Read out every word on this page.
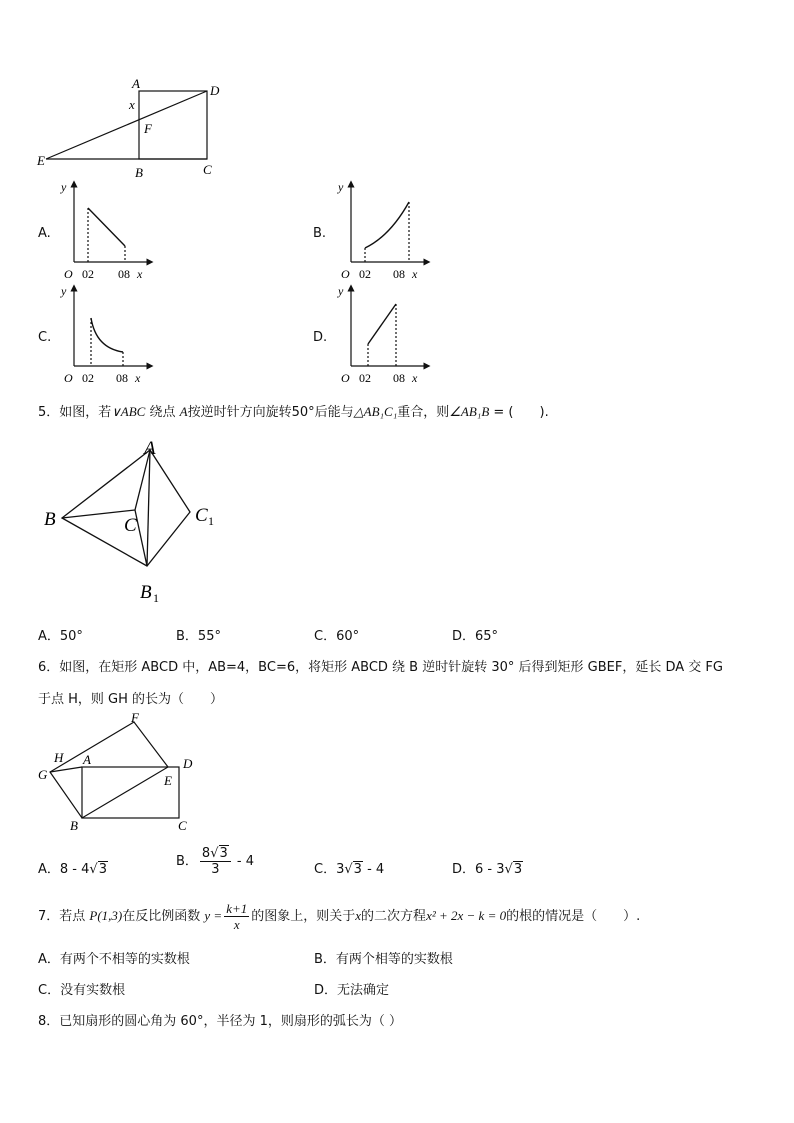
A	D
x
F
E
B	C
A.
y
O 02 08 x
B.
y
O 02 08 x
C.
y
O 02 08 x
D.
y
O 02 08 x
5．如图，若∨ABC 绕点 A按逆时针方向旋转50°后能与△AB₁C₁重合，则∠AB₁B = (　　).
A
B	C	C 1
B 1
A．50°	B．55°	C．60°	D．65°
6．如图，在矩形 ABCD 中，AB=4，BC=6，将矩形 ABCD 绕 B 逆时针旋转 30° 后得到矩形 GBEF，延长 DA 交 FG
于点 H，则 GH 的长为（　　）
F
H A	D
G	E
B	C
A．8 - 4√3
B． $\frac{8√3}{3} - 4$
C．3√3 - 4	D．6 - 3√3
7．若点 P(1,3)在反比例函数 $y = \frac{k+1}{x}$ 的图象上，则关于x的二次方程x² + 2x − k = 0的根的情况是（　　）.
A．有两个不相等的实数根	B．有两个相等的实数根
C．没有实数根	D．无法确定
8．已知扇形的圆心角为 60°，半径为 1，则扇形的弧长为（ ）
